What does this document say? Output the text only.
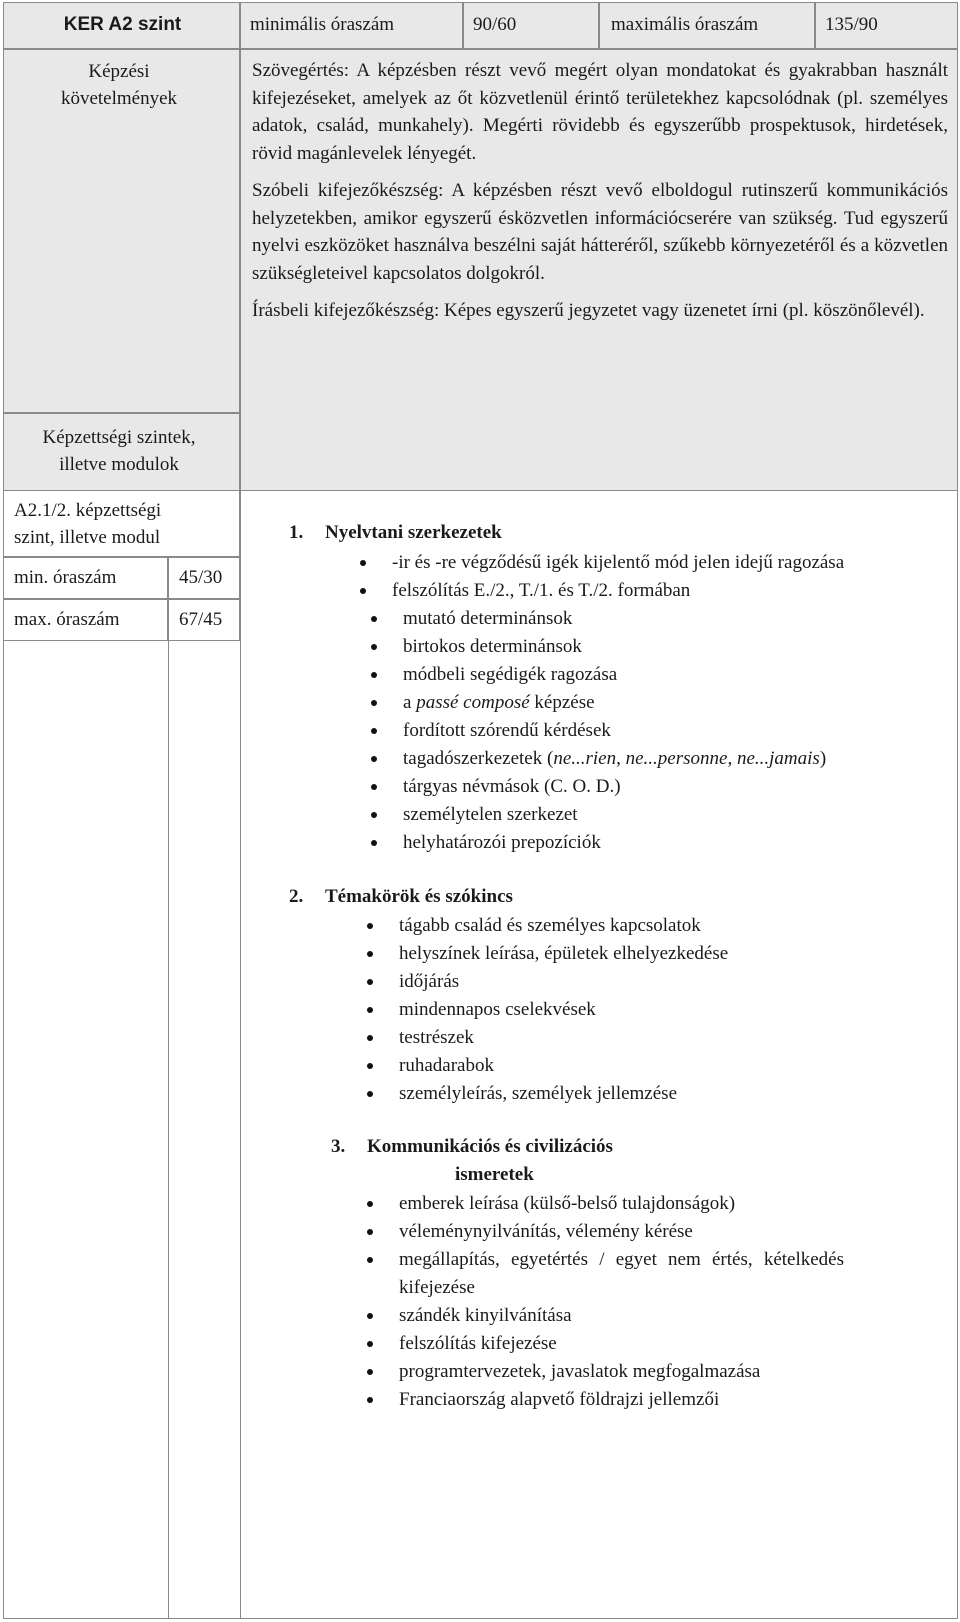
KER A2 szint	minimális óraszám	90/60	maximális óraszám	135/90
Képzési követelmények

Szövegértés: A képzésben részt vevő megért olyan mondatokat és gyakrabban használt kifejezéseket, amelyek az őt közvetlenül érintő területekhez kapcsolódnak (pl. személyes adatok, család, munkahely). Megérti rövidebb és egyszerűbb prospektusok, hirdetések, rövid magánlevelek lényegét.

Szóbeli kifejezőkészség: A képzésben részt vevő elboldogul rutinszerű kommunikációs helyzetekben, amikor egyszerű ésközvetlen információcserére van szükség. Tud egyszerű nyelvi eszközöket használva beszélni saját hátteréről, szűkebb környezetéről és a közvetlen szükségleteivel kapcsolatos dolgokról.

Írásbeli kifejezőkészség: Képes egyszerű jegyzetet vagy üzenetet írni (pl. köszönőlevél).

Képzettségi szintek, illetve modulok
A2.1/2. képzettségi szint, illetve modul
min. óraszám	45/30
max. óraszám	67/45
1. Nyelvtani szerkezetek
-ir és -re végződésű igék kijelentő mód jelen idejű ragozása
felszólítás E./2., T./1. és T./2. formában
mutató determinánsok
birtokos determinánsok
módbeli segédigék ragozása
a passé composé képzése
fordított szórendű kérdések
tagadószerkezetek (ne...rien, ne...personne, ne...jamais)
tárgyas névmások (C. O. D.)
személytelen szerkezet
helyhatározói prepozíciók
2. Témakörök és szókincs
tágabb család és személyes kapcsolatok
helyszínek leírása, épületek elhelyezkedése
időjárás
mindennapos cselekvések
testrészek
ruhadarabok
személyleírás, személyek jellemzése
3. Kommunikációs és civilizációs
ismeretek
emberek leírása (külső-belső tulajdonságok)
véleménynyilvánítás, vélemény kérése
megállapítás, egyetértés / egyet nem értés, kételkedés kifejezése
szándék kinyilvánítása
felszólítás kifejezése
programtervezetek, javaslatok megfogalmazása
Franciaország alapvető földrajzi jellemzői
